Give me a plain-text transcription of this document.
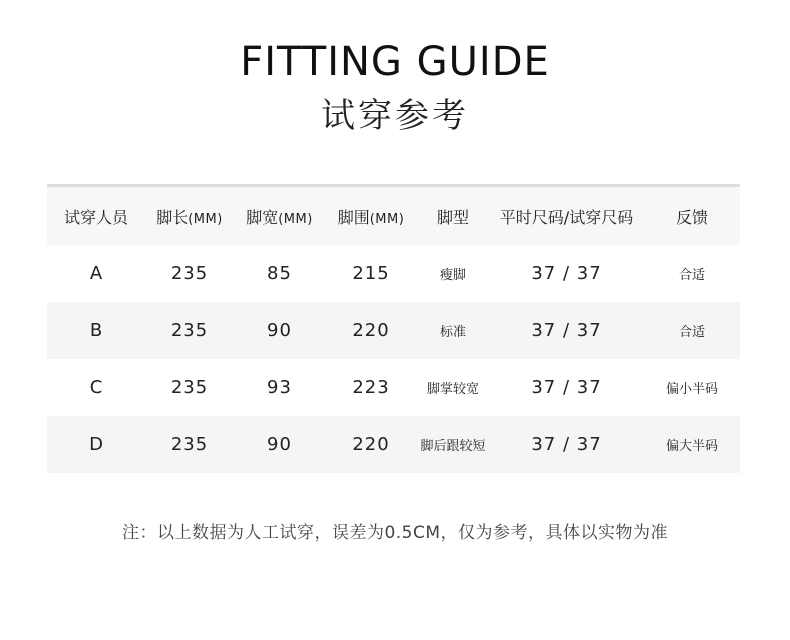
FITTING GUIDE
试穿参考
试穿人员	脚长(MM)	脚宽(MM)	脚围(MM)	脚型	平时尺码/试穿尺码	反馈
A	235	85	215	瘦脚	37 / 37	合适
B	235	90	220	标准	37 / 37	合适
C	235	93	223	脚掌较宽	37 / 37	偏小半码
D	235	90	220	脚后跟较短	37 / 37	偏大半码
注：以上数据为人工试穿，误差为0.5CM，仅为参考，具体以实物为准
